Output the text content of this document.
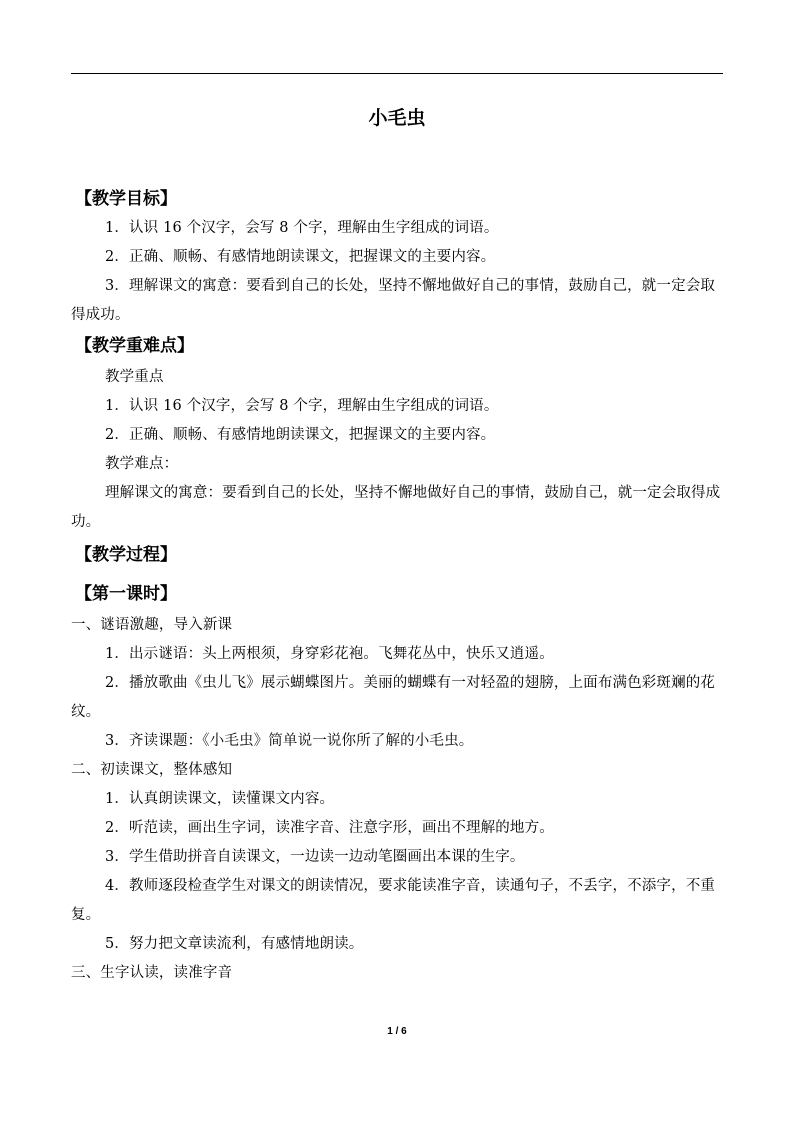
小毛虫
【教学目标】

1．认识 16 个汉字，会写 8 个字，理解由生字组成的词语。

2．正确、顺畅、有感情地朗读课文，把握课文的主要内容。

3．理解课文的寓意：要看到自己的长处，坚持不懈地做好自己的事情，鼓励自己，就一定会取得成功。

【教学重难点】

教学重点

1．认识 16 个汉字，会写 8 个字，理解由生字组成的词语。

2．正确、顺畅、有感情地朗读课文，把握课文的主要内容。

教学难点：

理解课文的寓意：要看到自己的长处，坚持不懈地做好自己的事情，鼓励自己，就一定会取得成功。

【教学过程】
【第一课时】

一、谜语激趣，导入新课

1．出示谜语：头上两根须，身穿彩花袍。飞舞花丛中，快乐又逍遥。

2．播放歌曲《虫儿飞》展示蝴蝶图片。美丽的蝴蝶有一对轻盈的翅膀，上面布满色彩斑斓的花纹。

3．齐读课题：《小毛虫》简单说一说你所了解的小毛虫。

二、初读课文，整体感知

1．认真朗读课文，读懂课文内容。

2．听范读，画出生字词，读准字音、注意字形，画出不理解的地方。

3．学生借助拼音自读课文，一边读一边动笔圈画出本课的生字。

4．教师逐段检查学生对课文的朗读情况，要求能读准字音，读通句子，不丢字，不添字，不重复。

5．努力把文章读流利，有感情地朗读。

三、生字认读，读准字音

1 / 6
